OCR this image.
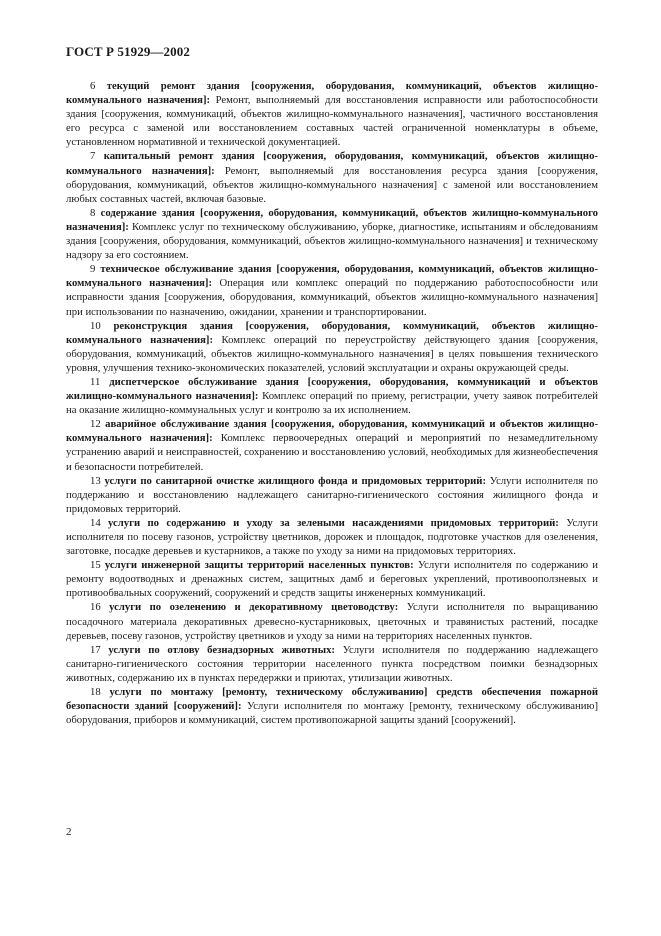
ГОСТ Р 51929—2002

6 текущий ремонт здания [сооружения, оборудования, коммуникаций, объектов жилищно-коммунального назначения]: Ремонт, выполняемый для восстановления исправности или работоспособности здания [сооружения, коммуникаций, объектов жилищно-коммунального назначения], частичного восстановления его ресурса с заменой или восстановлением составных частей ограниченной номенклатуры в объеме, установленном нормативной и технической документацией.

7 капитальный ремонт здания [сооружения, оборудования, коммуникаций, объектов жилищно-коммунального назначения]: Ремонт, выполняемый для восстановления ресурса здания [сооружения, оборудования, коммуникаций, объектов жилищно-коммунального назначения] с заменой или восстановлением любых составных частей, включая базовые.

8 содержание здания [сооружения, оборудования, коммуникаций, объектов жилищно-коммунального назначения]: Комплекс услуг по техническому обслуживанию, уборке, диагностике, испытаниям и обследованиям здания [сооружения, оборудования, коммуникаций, объектов жилищно-коммунального назначения] и техническому надзору за его состоянием.

9 техническое обслуживание здания [сооружения, оборудования, коммуникаций, объектов жилищно-коммунального назначения]: Операция или комплекс операций по поддержанию работоспособности или исправности здания [сооружения, оборудования, коммуникаций, объектов жилищно-коммунального назначения] при использовании по назначению, ожидании, хранении и транспортировании.

10 реконструкция здания [сооружения, оборудования, коммуникаций, объектов жилищно-коммунального назначения]: Комплекс операций по переустройству действующего здания [сооружения, оборудования, коммуникаций, объектов жилищно-коммунального назначения] в целях повышения технического уровня, улучшения технико-экономических показателей, условий эксплуатации и охраны окружающей среды.

11 диспетчерское обслуживание здания [сооружения, оборудования, коммуникаций и объектов жилищно-коммунального назначения]: Комплекс операций по приему, регистрации, учету заявок потребителей на оказание жилищно-коммунальных услуг и контролю за их исполнением.

12 аварийное обслуживание здания [сооружения, оборудования, коммуникаций и объектов жилищно-коммунального назначения]: Комплекс первоочередных операций и мероприятий по незамедлительному устранению аварий и неисправностей, сохранению и восстановлению условий, необходимых для жизнеобеспечения и безопасности потребителей.

13 услуги по санитарной очистке жилищного фонда и придомовых территорий: Услуги исполнителя по поддержанию и восстановлению надлежащего санитарно-гигиенического состояния жилищного фонда и придомовых территорий.

14 услуги по содержанию и уходу за зелеными насаждениями придомовых территорий: Услуги исполнителя по посеву газонов, устройству цветников, дорожек и площадок, подготовке участков для озеленения, заготовке, посадке деревьев и кустарников, а также по уходу за ними на придомовых территориях.

15 услуги инженерной защиты территорий населенных пунктов: Услуги исполнителя по содержанию и ремонту водоотводных и дренажных систем, защитных дамб и береговых укреплений, противооползневых и противообвальных сооружений, сооружений и средств защиты инженерных коммуникаций.

16 услуги по озеленению и декоративному цветоводству: Услуги исполнителя по выращиванию посадочного материала декоративных древесно-кустарниковых, цветочных и травянистых растений, посадке деревьев, посеву газонов, устройству цветников и уходу за ними на территориях населенных пунктов.

17 услуги по отлову безнадзорных животных: Услуги исполнителя по поддержанию надлежащего санитарно-гигиенического состояния территории населенного пункта посредством поимки безнадзорных животных, содержанию их в пунктах передержки и приютах, утилизации животных.

18 услуги по монтажу [ремонту, техническому обслуживанию] средств обеспечения пожарной безопасности зданий [сооружений]: Услуги исполнителя по монтажу [ремонту, техническому обслуживанию] оборудования, приборов и коммуникаций, систем противопожарной защиты зданий [сооружений].

2
